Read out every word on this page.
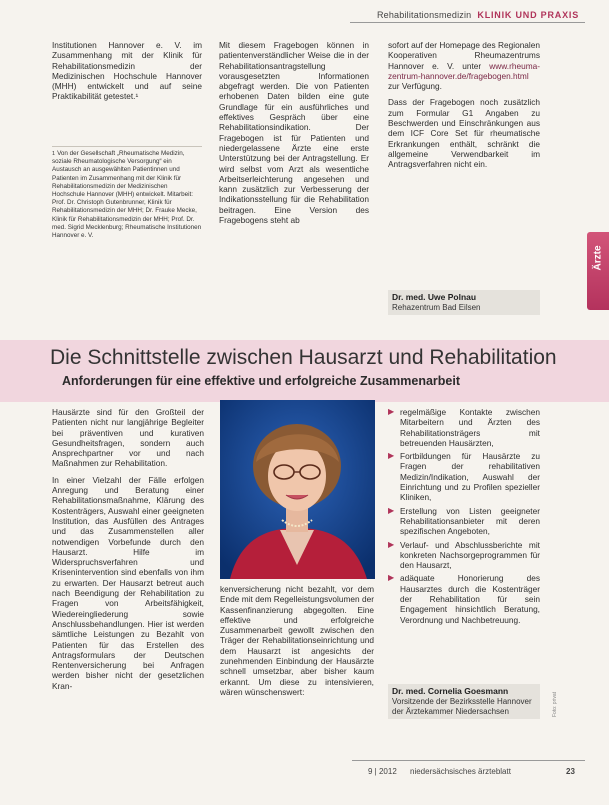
Rehabilitationsmedizin KLINIK UND PRAXIS

Institutionen Hannover e. V. im Zusammenhang mit der Klinik für Rehabilitationsmedizin der Medizinischen Hochschule Hannover (MHH) entwickelt und auf seine Praktikabilität getestet.¹

1 Von der Gesellschaft „Rheumatische Medizin, soziale Rheumatologische Versorgung“ ein Austausch an ausgewählten Patientinnen und Patienten im Zusammenhang mit der Klinik für Rehabilitationsmedizin der Medizinischen Hochschule Hannover (MHH) entwickelt. Mitarbeit: Prof. Dr. Christoph Gutenbrunner, Klinik für Rehabilitationsmedizin der MHH; Dr. Frauke Mecke, Klinik für Rehabilitationsmedizin der MHH; Prof. Dr. med. Sigrid Mecklenburg; Rheumatische Institutionen Hannover e. V.

Mit diesem Fragebogen können in patientenverständlicher Weise die in der Rehabilitationsantragstellung vorausgesetzten Informationen abgefragt werden. Die von Patienten erhobenen Daten bilden eine gute Grundlage für ein ausführliches und effektives Gespräch über eine Rehabilitationsindikation. Der Fragebogen ist für Patienten und niedergelassene Ärzte eine erste Unterstützung bei der Antragstellung. Er wird selbst vom Arzt als wesentliche Arbeitserleichterung angesehen und kann zusätzlich zur Verbesserung der Indikationsstellung für die Rehabilitation beitragen. Eine Version des Fragebogens steht ab

sofort auf der Homepage des Regionalen Kooperativen Rheumazentrums Hannover e. V. unter www.rheuma-zentrum-hannover.de/fragebogen.html zur Verfügung.

Dass der Fragebogen noch zusätzlich zum Formular G1 Angaben zu Beschwerden und Einschränkungen aus dem ICF Core Set für rheumatische Erkrankungen enthält, schränkt die allgemeine Verwendbarkeit im Antragsverfahren nicht ein.

Dr. med. Uwe Polnau
Rehazentrum Bad Eilsen
Ärzte
Die Schnittstelle zwischen Hausarzt und Rehabilitation
Anforderungen für eine effektive und erfolgreiche Zusammenarbeit

Hausärzte sind für den Großteil der Patienten nicht nur langjährige Begleiter bei präventiven und kurativen Gesundheitsfragen, sondern auch Ansprechpartner vor und nach Maßnahmen zur Rehabilitation.

In einer Vielzahl der Fälle erfolgen Anregung und Beratung einer Rehabilitationsmaßnahme, Klärung des Kostenträgers, Auswahl einer geeigneten Institution, das Ausfüllen des Antrages und das Zusammenstellen aller notwendigen Vorbefunde durch den Hausarzt. Hilfe im Widerspruchsverfahren und Krisenintervention sind ebenfalls von ihm zu erwarten. Der Hausarzt betreut auch nach Beendigung der Rehabilitation zu Fragen von Arbeitsfähigkeit, Wiedereingliederung sowie Anschlussbehandlungen. Hier ist werden sämtliche Leistungen zu Bezahlt von Patienten für das Erstellen des Antragsformulars der Deutschen Rentenversicherung bei Anfragen werden bisher nicht der gesetzlichen Kran-

kenversicherung nicht bezahlt, vor dem Ende mit dem Regelleistungsvolumen der Kassenfinanzierung abgegolten. Eine effektive und erfolgreiche Zusammenarbeit gewollt zwischen den Träger der Rehabilitationseinrichtung und dem Hausarzt ist angesichts der zunehmenden Einbindung der Hausärzte schnell umsetzbar, aber bisher kaum erkannt. Um diese zu intensivieren, wären wünschenswert:

▶ regelmäßige Kontakte zwischen Mitarbeitern und Ärzten des Rehabilitationsträgers mit betreuenden Hausärzten,
▶ Fortbildungen für Hausärzte zu Fragen der rehabilitativen Medizin/Indikation, Auswahl der Einrichtung und zu Profilen spezieller Kliniken,
▶ Erstellung von Listen geeigneter Rehabilitationsanbieter mit deren spezifischen Angeboten,
▶ Verlauf- und Abschlussberichte mit konkreten Nachsorgeprogrammen für den Hausarzt,
▶ adäquate Honorierung des Hausarztes durch die Kostenträger der Rehabilitation für sein Engagement hinsichtlich Beratung, Verordnung und Nachbetreuung.
Dr. med. Cornelia Goesmann
Vorsitzende der Bezirksstelle Hannover der Ärztekammer Niedersachsen	Foto: privat
9 | 2012 niedersächsisches ärzteblatt	23
